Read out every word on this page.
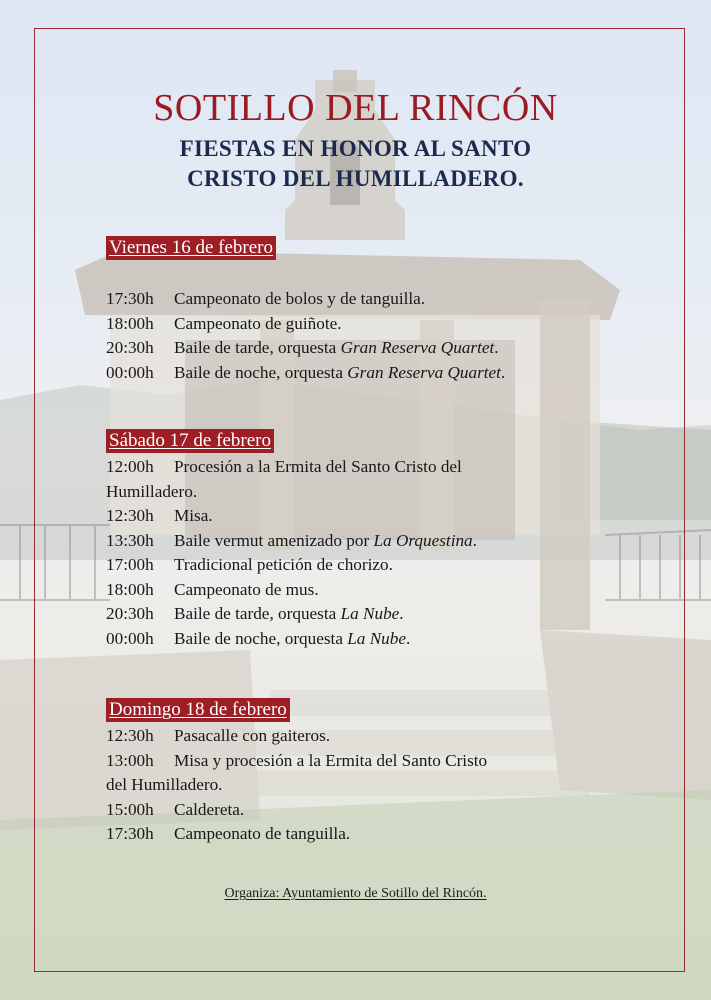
SOTILLO DEL RINCÓN
FIESTAS EN HONOR AL SANTO
CRISTO DEL HUMILLADERO.
Viernes 16 de febrero
17:30h	Campeonato de bolos y de tanguilla.
18:00h	Campeonato de guiñote.
20:30h	Baile de tarde, orquesta Gran Reserva Quartet.
00:00h	Baile de noche, orquesta Gran Reserva Quartet.
Sábado 17 de febrero
12:00h	Procesión a la Ermita del Santo Cristo del
Humilladero.
12:30h	Misa.
13:30h	Baile vermut amenizado por La Orquestina.
17:00h	Tradicional petición de chorizo.
18:00h	Campeonato de mus.
20:30h	Baile de tarde, orquesta La Nube.
00:00h	Baile de noche, orquesta La Nube.
Domingo 18 de febrero
12:30h	Pasacalle con gaiteros.
13:00h	Misa y procesión a la Ermita del Santo Cristo
del Humilladero.
15:00h	Caldereta.
17:30h	Campeonato de tanguilla.
Organiza: Ayuntamiento de Sotillo del Rincón.
